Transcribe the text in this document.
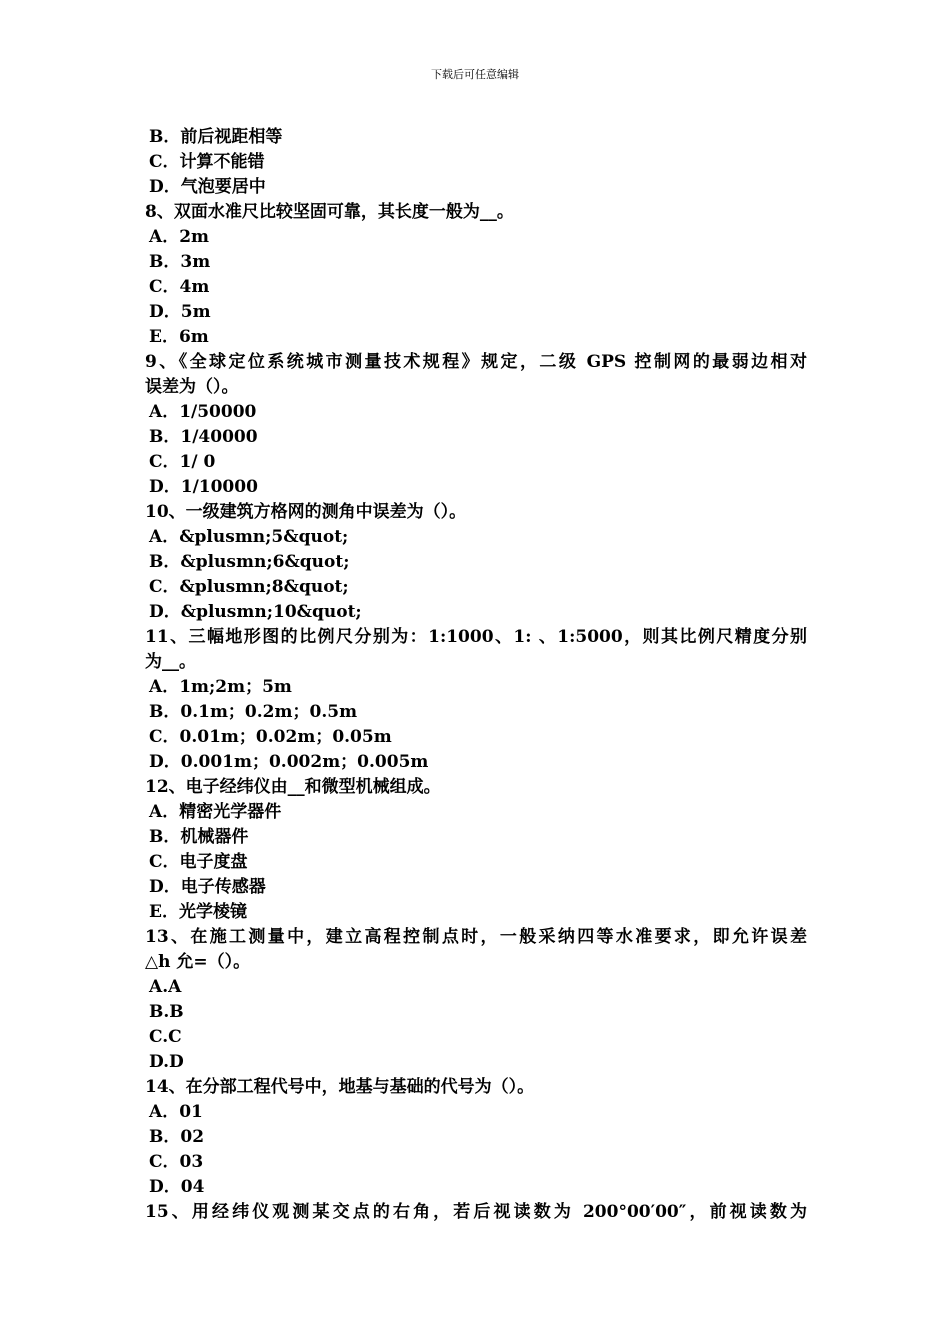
下载后可任意编辑
B．前后视距相等
C．计算不能错
D．气泡要居中
8、双面水准尺比较坚固可靠，其长度一般为__。
A．2m
B．3m
C．4m
D．5m
E．6m
9、《全球定位系统城市测量技术规程》规定，二级 GPS 控制网的最弱边相对
误差为（）。
A．1/50000
B．1/40000
C．1/ 0
D．1/10000
10、一级建筑方格网的测角中误差为（）。
A．&plusmn;5&quot;
B．&plusmn;6&quot;
C．&plusmn;8&quot;
D．&plusmn;10&quot;
11、三幅地形图的比例尺分别为：1:1000、1: 、1:5000，则其比例尺精度分别
为__。
A．1m;2m；5m
B．0.1m；0.2m；0.5m
C．0.01m；0.02m；0.05m
D．0.001m；0.002m；0.005m
12、电子经纬仪由__和微型机械组成。
A．精密光学器件
B．机械器件
C．电子度盘
D．电子传感器
E．光学棱镜
13、在施工测量中，建立高程控制点时，一般采纳四等水准要求，即允许误差
△h 允=（）。
A.A
B.B
C.C
D.D
14、在分部工程代号中，地基与基础的代号为（）。
A．01
B．02
C．03
D．04
15、用经纬仪观测某交点的右角，若后视读数为 200°00′00″，前视读数为
